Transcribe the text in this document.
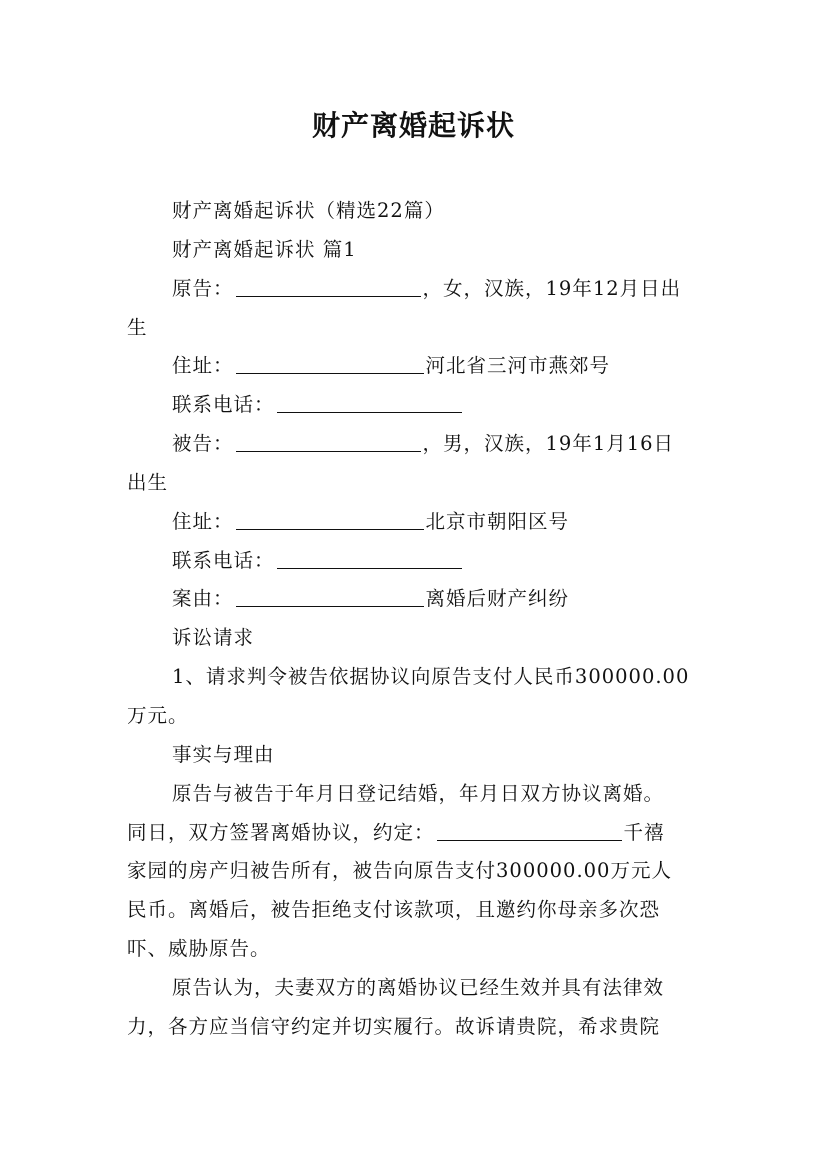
财产离婚起诉状
财产离婚起诉状（精选22篇）
财产离婚起诉状 篇1
原告：	，女，汉族，19年12月日出
生
住址：	河北省三河市燕郊号
联系电话：
被告：	，男，汉族，19年1月16日
出生
住址：	北京市朝阳区号
联系电话：
案由：	离婚后财产纠纷
诉讼请求
1、请求判令被告依据协议向原告支付人民币300000.00
万元。
事实与理由
原告与被告于年月日登记结婚，年月日双方协议离婚。
同日，双方签署离婚协议，约定：	千禧
家园的房产归被告所有，被告向原告支付300000.00万元人
民币。离婚后，被告拒绝支付该款项，且邀约你母亲多次恐
吓、威胁原告。
原告认为，夫妻双方的离婚协议已经生效并具有法律效
力，各方应当信守约定并切实履行。故诉请贵院，希求贵院
